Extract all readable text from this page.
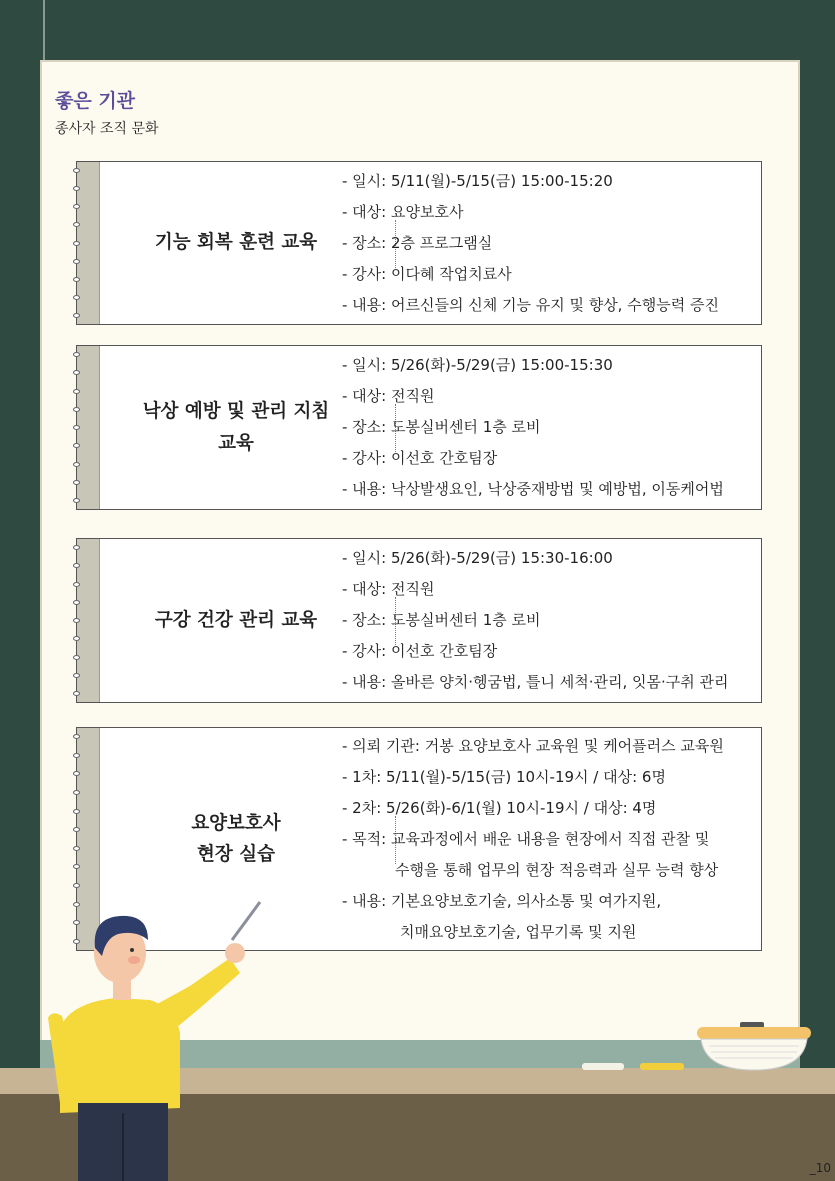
좋은 기관
종사자 조직 문화
기능 회복 훈련 교육
- 일시: 5/11(월)-5/15(금) 15:00-15:20
- 대상: 요양보호사
- 장소: 2층 프로그램실
- 강사: 이다혜 작업치료사
- 내용: 어르신들의 신체 기능 유지 및 향상, 수행능력 증진
낙상 예방 및 관리 지침 교육
- 일시: 5/26(화)-5/29(금) 15:00-15:30
- 대상: 전직원
- 장소: 도봉실버센터 1층 로비
- 강사: 이선호 간호팀장
- 내용: 낙상발생요인, 낙상중재방법 및 예방법, 이동케어법
구강 건강 관리 교육
- 일시: 5/26(화)-5/29(금) 15:30-16:00
- 대상: 전직원
- 장소: 도봉실버센터 1층 로비
- 강사: 이선호 간호팀장
- 내용: 올바른 양치·헹굼법, 틀니 세척·관리, 잇몸·구취 관리
요양보호사
현장 실습
- 의뢰 기관: 거봉 요양보호사 교육원 및 케어플러스 교육원
- 1차: 5/11(월)-5/15(금) 10시-19시 / 대상: 6명
- 2차: 5/26(화)-6/1(월) 10시-19시 / 대상: 4명
- 목적: 교육과정에서 배운 내용을 현장에서 직접 관찰 및
수행을 통해 업무의 현장 적응력과 실무 능력 향상
- 내용: 기본요양보호기술, 의사소통 및 여가지원,
치매요양보호기술, 업무기록 및 지원
_10
